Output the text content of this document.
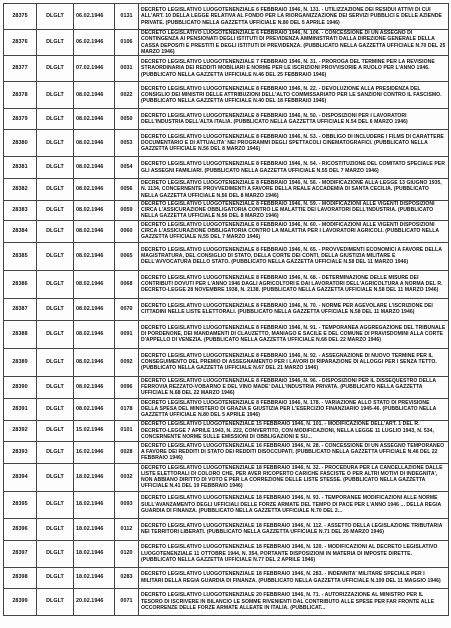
28375	DLGLT	06.02.1946	0131	DECRETO LEGISLATIVO LUOGOTENENZIALE 6 FEBBRAIO 1946, N. 131. - UTILIZZAZIONE DEI RESIDUI ATTIVI DI CUI ALL'ART. 10 DELLA LEGGE RELATIVA AL FONDO PER LA RIORGANIZZAZIONE DEI SERVIZI PUBBLICI E DELLE AZIENDE PRIVATE. (PUBBLICATO NELLA GAZZETTA UFFICIALE N.80 DEL 5 APRILE 1946)
28376	DLGLT	06.02.1946	0106	DECRETO LEGISLATIVO LUOGOTENENZIALE 6 FEBBRAIO 1946, N. 106. - CONCESSIONE DI UN ASSEGNO DI CONTINGENZA AI PENSIONATI DEGLI ISTITUTI DI PREVIDENZA AMMINISTRATI DALLA DIREZIONE GENERALE DELLA CASSA DEPOSITI E PRESTITI E DEGLI ISTITUTI DI PREVIDENZA. (PUBBLICATO NELLA GAZZETTA UFFICIALE N.70 DEL 25 MARZO 1946)
28377	DLGLT	07.02.1946	0031	DECRETO LEGISLATIVO LUOGOTENENZIALE 7 FEBBRAIO 1946, N. 31. - PROROGA DEL TERMINE PER LA REVISIONE STRAORDINARIA DEI REDDITI MOBILIARI E NORME PER LE ISCRIZIONI PROVVISORIE A RUOLO PER L'ANNO 1946. (PUBBLICATO NELLA GAZZETTA UFFICIALE N.46 DEL 25 FEBBRAIO 1946)
28378	DLGLT	08.02.1946	0022	DECRETO LEGISLATIVO LUOGOTENENZIALE 8 FEBBRAIO 1946, N. 22. - DEVOLUZIONE ALLA PRESIDENZA DEL CONSIGLIO DEI MINISTRI DELLE ATTRIBUZIONI DELL'ALTO COMMISSARIATO PER LE SANZIONI CONTRO IL FASCISMO. (PUBBLICATO NELLA GAZZETTA UFFICIALE N.40 DEL 18 FEBBRAIO 1946)
28379	DLGLT	08.02.1946	0050	DECRETO LEGISLATIVO LUOGOTENENZIALE 8 FEBBRAIO 1946, N. 50. - DISPOSIZIONI PER I LAVORATORI DELL'INDUSTRIA DELL'ALTA ITALIA. (PUBBLICATO NELLA GAZZETTA UFFICIALE N.54 DEL 6 MARZO 1946)
28380	DLGLT	08.02.1946	0053	DECRETO LEGISLATIVO LUOGOTENENZIALE 8 FEBBRAIO 1946, N. 53. - OBBLIGO DI INCLUDERE I FILMS DI CARATTERE DOCUMENTARIO E DI ATTUALITA' NEI PROGRAMMI DEGLI SPETTACOLI CINEMATOGRAFICI. (PUBBLICATO NELLA GAZZETTA UFFICIALE N.56 DEL 8 MARZO 1946)
28381	DLGLT	08.02.1946	0054	DECRETO LEGISLATIVO LUOGOTENENZIALE 8 FEBBRAIO 1946, N. 54. - RICOSTITUZIONE DEL COMITATO SPECIALE PER GLI ASSEGNI FAMILIARI. (PUBBLICATO NELLA GAZZETTA UFFICIALE N.55 DEL 7 MARZO 1946)
28382	DLGLT	08.02.1946	0056	DECRETO LEGISLATIVO LUOGOTENENZIALE 8 FEBBRAIO 1946, N. 56. - MODIFICAZIONE ALLA LEGGE 13 GIUGNO 1935, N. 1134, CONCERNENTE PROVVEDIMENTI A FAVORE DELLA REALE ACCADEMIA DI SANTA CECILIA. (PUBBLICATO NELLA GAZZETTA UFFICIALE N.56 DEL 8 MARZO 1946)
28383	DLGLT	08.02.1946	0059	DECRETO LEGISLATIVO LUOGOTENENZIALE 8 FEBBRAIO 1946, N. 59. - MODIFICAZIONI ALLE VIGENTI DISPOSIZIONI CIRCA L'ASSICURAZIONE OBBLIGATORIA CONTRO LE MALATTIE DEI LAVORATORI DELL'INDUSTRIA. (PUBBLICATO NELLA GAZZETTA UFFICIALE N.56 DEL 8 MARZO 1946)
28384	DLGLT	08.02.1946	0060	DECRETO LEGISLATIVO LUOGOTENENZIALE 8 FEBBRAIO 1946, N. 60. - MODIFICAZIONI ALLE VIGENTI DISPOSIZIONI CIRCA L'ASSICURAZIONE OBBLIGATORIA CONTRO LA MALATTIA PER I LAVORATORI AGRICOLI. (PUBBLICATO NELLA GAZZETTA UFFICIALE N.55 DEL 7 MARZO 1946)
28385	DLGLT	08.02.1946	0065	DECRETO LEGISLATIVO LUOGOTENENZIALE 8 FEBBRAIO 1946, N. 65. - PROVVEDIMENTI ECONOMICI A FAVORE DELLA MAGISTRATURA, DEL CONSIGLIO DI STATO, DELLA CORTE DEI CONTI, DELLA GIUSTIZIA MILITARE E DELL'AVVOCATURA DELLO STATO. (PUBBLICATO NELLA GAZZETTA UFFICIALE N.58 DEL 11 MARZO 1946)
28386	DLGLT	08.02.1946	0068	DECRETO LEGISLATIVO LUOGOTENENZIALE 8 FEBBRAIO 1946, N. 68. - DETERMINAZIONE DELLE MISURE DEI CONTRIBUTI DOVUTI PER L'ANNO 1946 DAGLI AGRICOLTORI E DAI LAVORATORI DELL'AGRICOLTURA A NORMA DEL R. DECRETO-LEGGE 28 NOVEMBRE 1938, N. 2138. (PUBBLICATO NELLA GAZZETTA UFFICIALE N.58 DEL 11 MARZO 1946)
28387	DLGLT	08.02.1946	0070	DECRETO LEGISLATIVO LUOGOTENENZIALE 8 FEBBRAIO 1946, N. 70. - NORME PER AGEVOLARE L'ISCRIZIONE DEI CITTADINI NELLE LISTE ELETTORALI. (PUBBLICATO NELLA GAZZETTA UFFICIALE N.58 DEL 11 MARZO 1946)
28388	DLGLT	08.02.1946	0091	DECRETO LEGISLATIVO LUOGOTENENZIALE 8 FEBBRAIO 1946, N. 91. - TEMPORANEA AGGREGAZIONE DEL TRIBUNALE DI PORDENONE, DEI MANDAMENTI DI CLAUZETTO, MANIAGO E SACILE E DEL COMUNE DI PRAVISDOMINI ALLA CORTE D'APPELLO DI VENEZIA. (PUBBLICATO NELLA GAZZETTA UFFICIALE N.68 DEL 22 MARZO 1946)
28389	DLGLT	08.02.1946	0092	DECRETO LEGISLATIVO LUOGOTENENZIALE 8 FEBBRAIO 1946, N. 92. - ASSEGNAZIONE DI NUOVO TERMINE PER IL CONSEGUIMENTO DEL PREMIO DI ASSEGNAMENTO PER I LAVORI DI RIPARAZIONE DI ALLOGGI PER I SENZA TETTO. (PUBBLICATO NELLA GAZZETTA UFFICIALE N.67 DEL 21 MARZO 1946)
28390	DLGLT	08.02.1946	0096	DECRETO LEGISLATIVO LUOGOTENENZIALE 8 FEBBRAIO 1946, N. 96. - DISPOSIZIONI PER IL DISSEQUESTRO DELLA FERROVIA REZZATO-VOBARNO E DEL VINO MADE' DALL'INDUSTRIA PRIVATA. (PUBBLICATO NELLA GAZZETTA UFFICIALE N.68 DEL 22 MARZO 1946)
28391	DLGLT	08.02.1946	0178	DECRETO LEGISLATIVO LUOGOTENENZIALE 8 FEBBRAIO 1946, N. 178. - VARIAZIONE ALLO STATO DI PREVISIONE DELLA SPESA DEL MINISTERO DI GRAZIA E GIUSTIZIA PER L'ESERCIZIO FINANZIARIO 1945-46. (PUBBLICATO NELLA GAZZETTA UFFICIALE N.80 DEL 5 APRILE 1946)
28392	DLGLT	15.02.1946	0101	DECRETO LEGISLATIVO LUOGOTENENZIALE 15 FEBBRAIO 1946, N. 101. - MODIFICAZIONE DELL'ART. 1 DEL R. DECRETO-LEGGE 7 APRILE 1943, N. 222, CONVERTITO, CON MODIFICAZIONI, NELLA LEGGE 11 LUGLIO 1943, N. 534, CONCERNENTE NORME SULLE EMISSIONI DI OBBLIGAZIONI E SU...
28393	DLGLT	16.02.1946	0028	DECRETO LEGISLATIVO LUOGOTENENZIALE 16 FEBBRAIO 1946, N. 28. - CONCESSIONE DI UN ASSEGNO TEMPORANEO A FAVORE DEI REDDITI DI STATO DEI REDDITI DISOCCUPATI. (PUBBLICATO NELLA GAZZETTA UFFICIALE N.46 DEL 22 FEBBRAIO 1946)
28394	DLGLT	18.02.1946	0032	DECRETO LEGISLATIVO LUOGOTENENZIALE 18 FEBBRAIO 1946, N. 32. - PROCEDURA PER LA CANCELLAZIONE DALLE LISTE ELETTORALI DI COLORO CHE, PER AVER RICOPERTO CARICHE FASCISTE O PER ALTRI MOTIVI DI INDEGNITA', NON ABBIANO DIRITTO DI VOTO E PER LA CORREZIONE DELLE LISTE STESSE. (PUBBLICATO NELLA GAZZETTA UFFICIALE N.41 DEL 19 FEBBRAIO 1946)
28395	DLGLT	18.02.1946	0093	DECRETO LEGISLATIVO LUOGOTENENZIALE 18 FEBBRAIO 1946, N. 93. - TEMPORANEE MODIFICAZIONI ALLE NORME SULL'AVANZAMENTO DEGLI UFFICIALI DELLE FORZE ARMATE DEL TEMPO DI PACE PER L'ANNO 1946 ... DELLA REGIA GUARDIA DI FINANZA. (PUBBLICATO NELLA GAZZETTA UFFICIALE N.70 DEL 2...
28396	DLGLT	18.02.1946	0112	DECRETO LEGISLATIVO LUOGOTENENZIALE 18 FEBBRAIO 1946, N. 112. - ASSETTO DELLA LEGISLAZIONE TRIBUTARIA NEI TERRITORI LIBERATI. (PUBBLICATO NELLA GAZZETTA UFFICIALE N.71 DEL 26 MARZO 1946)
28397	DLGLT	18.02.1946	0120	DECRETO LEGISLATIVO LUOGOTENENZIALE 18 FEBBRAIO 1946, N. 120. - MODIFICAZIONI AL DECRETO LEGISLATIVO LUOGOTENENZIALE 11 OTTOBRE 1944, N. 354, PORTANTE DISPOSIZIONI IN MATERIA DI IMPOSTE DIRETTE. (PUBBLICATO NELLA GAZZETTA UFFICIALE N.77 DEL 2 APRILE 1946)
28398	DLGLT	18.02.1946	0283	DECRETO LEGISLATIVO LUOGOTENENZIALE 18 FEBBRAIO 1946, N. 283. - INDENNITA' MILITARE SPECIALE PER I MILITARI DELLA REGIA GUARDIA DI FINANZA. (PUBBLICATO NELLA GAZZETTA UFFICIALE N.109 DEL 11 MAGGIO 1946)
28399	DLGLT	20.02.1946	0071	DECRETO LEGISLATIVO LUOGOTENENZIALE 20 FEBBRAIO 1946, N. 71. - AUTORIZZAZIONE AL MINISTRO PER IL TESORO DI ISCRIVERE IN BILANCIO LE SOMME RIVENIENTI DAL CONTRIBUTO ALLE SPESE PER FAR FRONTE ALLE OCCORRENZE DELLE FORZE ARMATE ALLEATE IN ITALIA. (PUBBLICAT...
